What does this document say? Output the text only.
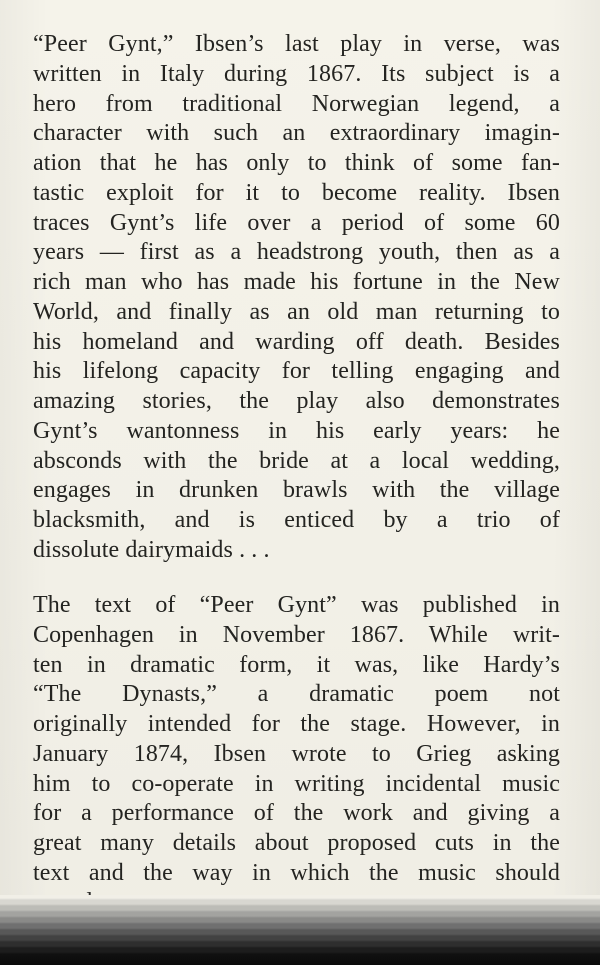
“Peer Gynt,” Ibsen’s last play in verse, was
written in Italy during 1867. Its subject is a
hero from traditional Norwegian legend, a
character with such an extraordinary imagin-
ation that he has only to think of some fan-
tastic exploit for it to become reality. Ibsen
traces Gynt’s life over a period of some 60
years — first as a headstrong youth, then as a
rich man who has made his fortune in the New
World, and finally as an old man returning to
his homeland and warding off death. Besides
his lifelong capacity for telling engaging and
amazing stories, the play also demonstrates
Gynt’s wantonness in his early years: he
absconds with the bride at a local wedding,
engages in drunken brawls with the village
blacksmith, and is enticed by a trio of
dissolute dairymaids . . .
The text of “Peer Gynt” was published in
Copenhagen in November 1867. While writ-
ten in dramatic form, it was, like Hardy’s
“The Dynasts,” a dramatic poem not
originally intended for the stage. However, in
January 1874, Ibsen wrote to Grieg asking
him to co-operate in writing incidental music
for a performance of the work and giving a
great many details about proposed cuts in the
text and the way in which the music should
